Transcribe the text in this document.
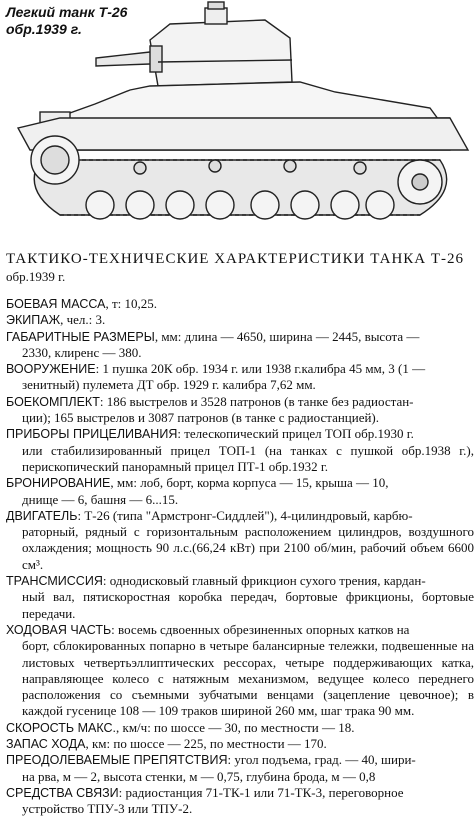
Легкий танк Т-26
обр.1939 г.
ТАКТИКО-ТЕХНИЧЕСКИЕ ХАРАКТЕРИСТИКИ ТАНКА Т-26
обр.1939 г.
БОЕВАЯ МАССА, т: 10,25.
ЭКИПАЖ, чел.: 3.
ГАБАРИТНЫЕ РАЗМЕРЫ, мм: длина — 4650, ширина — 2445, высота —
2330, клиренс — 380.
ВООРУЖЕНИЕ: 1 пушка 20К обр. 1934 г. или 1938 г.калибра 45 мм, 3 (1 —
зенитный) пулемета ДТ обр. 1929 г. калибра 7,62 мм.
БОЕКОМПЛЕКТ: 186 выстрелов и 3528 патронов (в танке без радиостан-
ции); 165 выстрелов и 3087 патронов (в танке с радиостанцией).
ПРИБОРЫ ПРИЦЕЛИВАНИЯ: телескопический прицел ТОП обр.1930 г.
или стабилизированный прицел ТОП-1 (на танках с пушкой обр.1938 г.), перископический панорамный прицел ПТ-1 обр.1932 г.
БРОНИРОВАНИЕ, мм: лоб, борт, корма корпуса — 15, крыша — 10,
днище — 6, башня — 6...15.
ДВИГАТЕЛЬ: Т-26 (типа "Армстронг-Сиддлей"), 4-цилиндровый, карбю-
раторный, рядный с горизонтальным расположением цилиндров, воздушного охлаждения; мощность 90 л.с.(66,24 кВт) при 2100 об/мин, рабочий объем 6600 см³.
ТРАНСМИССИЯ: однодисковый главный фрикцион сухого трения, кардан-
ный вал, пятискоростная коробка передач, бортовые фрикционы, бортовые передачи.
ХОДОВАЯ ЧАСТЬ: восемь сдвоенных обрезиненных опорных катков на
борт, сблокированных попарно в четыре балансирные тележки, подвешенные на листовых четвертьэллиптических рессорах, четыре поддерживающих катка, направляющее колесо с натяжным механизмом, ведущее колесо переднего расположения со съемными зубчатыми венцами (зацепление цевочное); в каждой гусенице 108 — 109 траков шириной 260 мм, шаг трака 90 мм.
СКОРОСТЬ МАКС., км/ч: по шоссе — 30, по местности — 18.
ЗАПАС ХОДА, км: по шоссе — 225, по местности — 170.
ПРЕОДОЛЕВАЕМЫЕ ПРЕПЯТСТВИЯ: угол подъема, град. — 40, шири-
на рва, м — 2, высота стенки, м — 0,75, глубина брода, м — 0,8
СРЕДСТВА СВЯЗИ: радиостанция 71-ТК-1 или 71-ТК-3, переговорное
устройство ТПУ-3 или ТПУ-2.
